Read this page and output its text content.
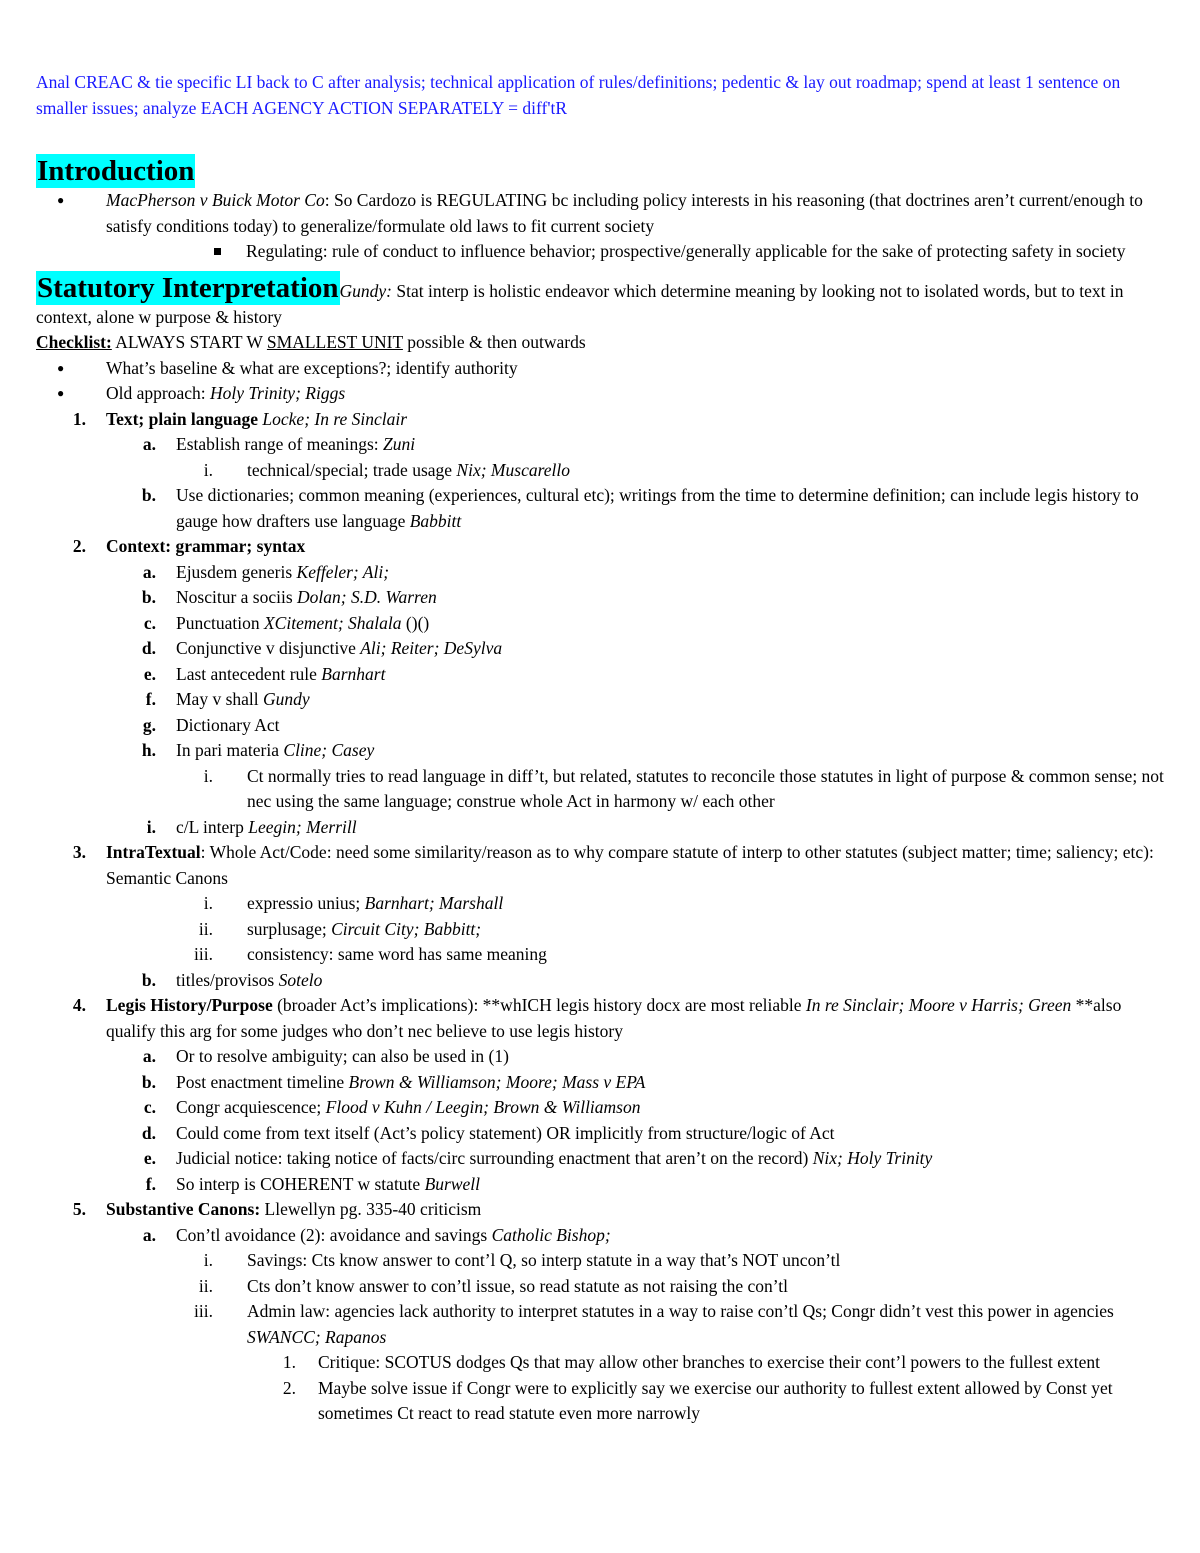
Anal CREAC & tie specific LI back to C after analysis; technical application of rules/definitions; pedentic & lay out roadmap; spend at least 1 sentence on smaller issues; analyze EACH AGENCY ACTION SEPARATELY = diff'tR

Introduction
● MacPherson v Buick Motor Co: So Cardozo is REGULATING bc including policy interests in his reasoning (that doctrines aren’t current/enough to satisfy conditions today) to generalize/formulate old laws to fit current society
Regulating: rule of conduct to influence behavior; prospective/generally applicable for the sake of protecting safety in society
Statutory InterpretationGundy: Stat interp is holistic endeavor which determine meaning by looking not to isolated words, but to text in context, alone w purpose & history
Checklist: ALWAYS START W SMALLEST UNIT possible & then outwards
● What’s baseline & what are exceptions?; identify authority
● Old approach: Holy Trinity; Riggs
1. Text; plain language Locke; In re Sinclair
a. Establish range of meanings: Zuni
i. technical/special; trade usage Nix; Muscarello
b. Use dictionaries; common meaning (experiences, cultural etc); writings from the time to determine definition; can include legis history to gauge how drafters use language Babbitt
2. Context: grammar; syntax
a. Ejusdem generis Keffeler; Ali;
b. Noscitur a sociis Dolan; S.D. Warren
c. Punctuation XCitement; Shalala ()()
d. Conjunctive v disjunctive Ali; Reiter; DeSylva
e. Last antecedent rule Barnhart
f. May v shall Gundy
g. Dictionary Act
h. In pari materia Cline; Casey
i. Ct normally tries to read language in diff’t, but related, statutes to reconcile those statutes in light of purpose & common sense; not nec using the same language; construe whole Act in harmony w/ each other
i. c/L interp Leegin; Merrill
3. IntraTextual: Whole Act/Code: need some similarity/reason as to why compare statute of interp to other statutes (subject matter; time; saliency; etc): Semantic Canons
i. expressio unius; Barnhart; Marshall
ii. surplusage; Circuit City; Babbitt;
iii. consistency: same word has same meaning
b. titles/provisos Sotelo
4. Legis History/Purpose (broader Act’s implications): **whICH legis history docx are most reliable In re Sinclair; Moore v Harris; Green **also qualify this arg for some judges who don’t nec believe to use legis history
a. Or to resolve ambiguity; can also be used in (1)
b. Post enactment timeline Brown & Williamson; Moore; Mass v EPA
c. Congr acquiescence; Flood v Kuhn / Leegin; Brown & Williamson
d. Could come from text itself (Act’s policy statement) OR implicitly from structure/logic of Act
e. Judicial notice: taking notice of facts/circ surrounding enactment that aren’t on the record) Nix; Holy Trinity
f. So interp is COHERENT w statute Burwell
5. Substantive Canons: Llewellyn pg. 335-40 criticism
a. Con’tl avoidance (2): avoidance and savings Catholic Bishop;
i. Savings: Cts know answer to cont’l Q, so interp statute in a way that’s NOT uncon’tl
ii. Cts don’t know answer to con’tl issue, so read statute as not raising the con’tl
iii. Admin law: agencies lack authority to interpret statutes in a way to raise con’tl Qs; Congr didn’t vest this power in agencies SWANCC; Rapanos
1. Critique: SCOTUS dodges Qs that may allow other branches to exercise their cont’l powers to the fullest extent
2. Maybe solve issue if Congr were to explicitly say we exercise our authority to fullest extent allowed by Const yet sometimes Ct react to read statute even more narrowly
